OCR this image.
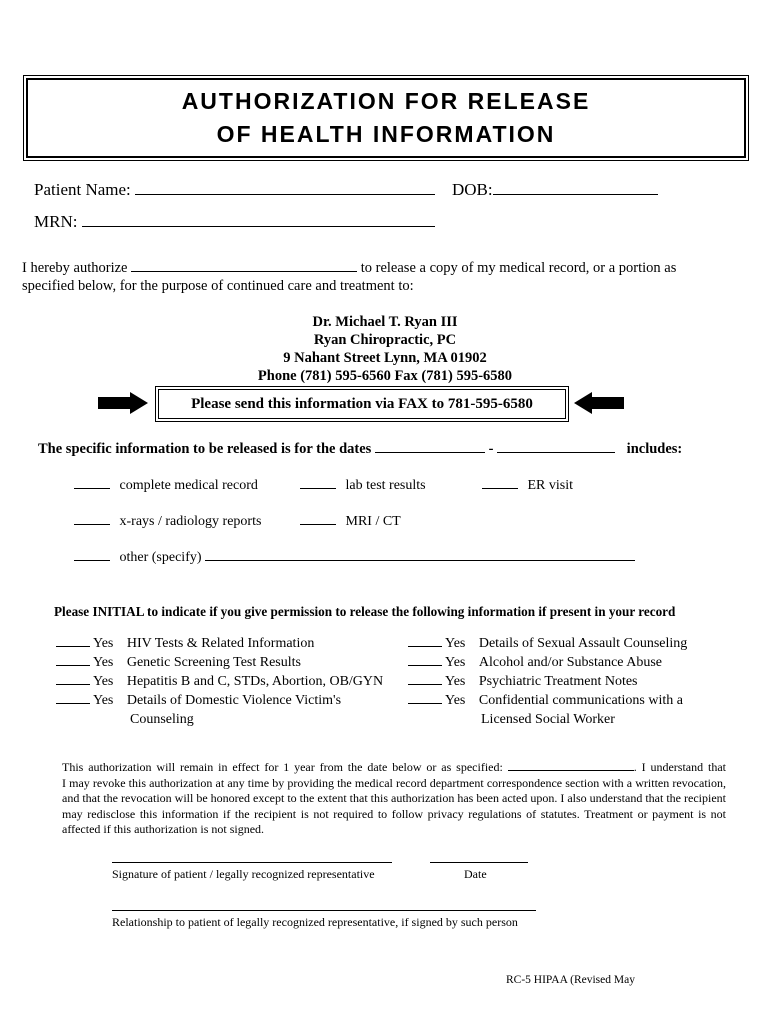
AUTHORIZATION FOR RELEASE
OF HEALTH INFORMATION
Patient Name:	DOB:
MRN:
I hereby authorize	to release a copy of my medical record, or a portion as
specified below, for the purpose of continued care and treatment to:
Dr. Michael T. Ryan III
Ryan Chiropractic, PC
9 Nahant Street Lynn, MA 01902
Phone (781) 595-6560 Fax (781) 595-6580
Please send this information via FAX to 781-595-6580
The specific information to be released is for the dates	-	includes:
complete medical record	lab test results	ER visit
x-rays / radiology reports	MRI / CT
other (specify)
Please INITIAL to indicate if you give permission to release the following information if present in your record
Yes HIV Tests & Related Information
Yes Genetic Screening Test Results
Yes Hepatitis B and C, STDs, Abortion, OB/GYN
Yes Details of Domestic Violence Victim's
Counseling
Yes Details of Sexual Assault Counseling
Yes Alcohol and/or Substance Abuse
Yes Psychiatric Treatment Notes
Yes Confidential communications with a
Licensed Social Worker
This authorization will remain in effect for 1 year from the date below or as specified:	. I understand that
I may revoke this authorization at any time by providing the medical record department correspondence section with a written revocation, and that the revocation will be honored except to the extent that this authorization has been acted upon. I also understand that the recipient may redisclose this information if the recipient is not required to follow privacy regulations of statutes. Treatment or payment is not affected if this authorization is not signed.
Signature of patient / legally recognized representative	Date
Relationship to patient of legally recognized representative, if signed by such person
RC-5 HIPAA (Revised May
